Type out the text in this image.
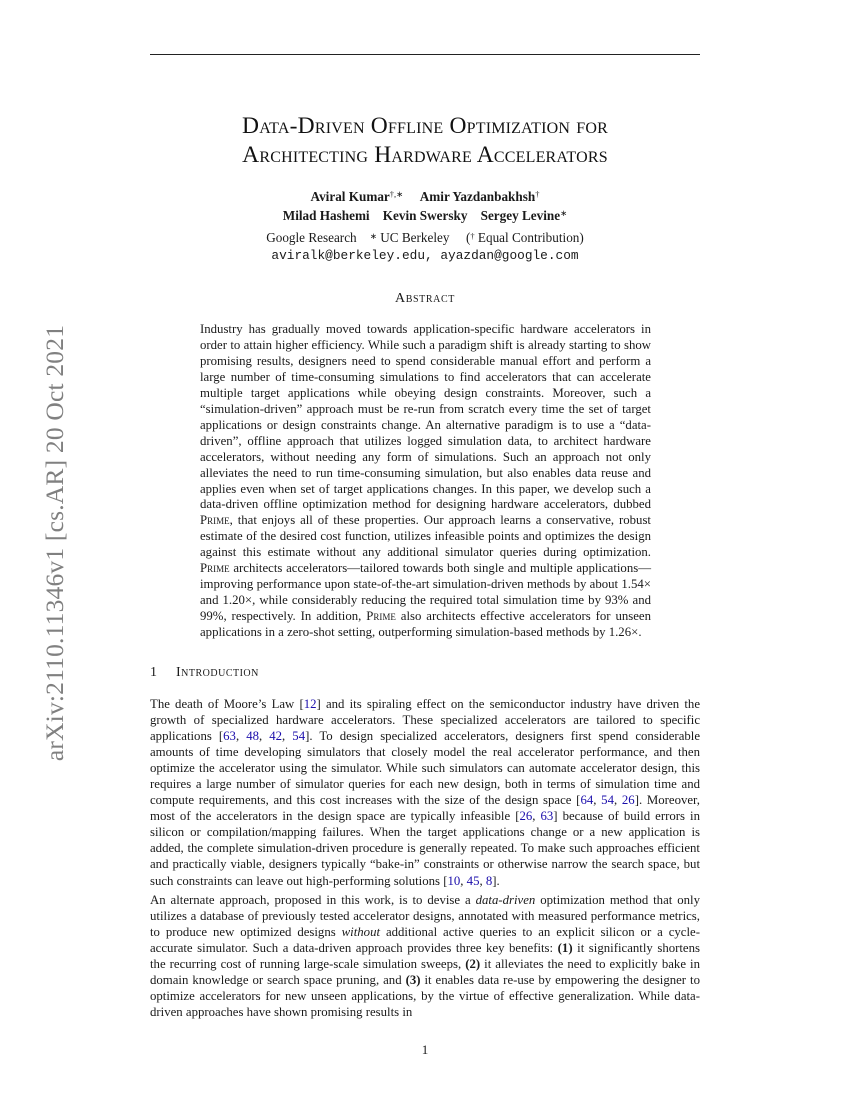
arXiv:2110.11346v1 [cs.AR] 20 Oct 2021
Data-Driven Offline Optimization for
Architecting Hardware Accelerators
Aviral Kumar†,∗ Amir Yazdanbakhsh†
Milad Hashemi Kevin Swersky Sergey Levine∗
Google Research ∗ UC Berkeley († Equal Contribution)
aviralk@berkeley.edu, ayazdan@google.com
Abstract
Industry has gradually moved towards application-specific hardware accelerators in order to attain higher efficiency. While such a paradigm shift is already starting to show promising results, designers need to spend considerable manual effort and perform a large number of time-consuming simulations to find accelerators that can accelerate multiple target applications while obeying design constraints. Moreover, such a “simulation-driven” approach must be re-run from scratch every time the set of target applications or design constraints change. An alternative paradigm is to use a “data-driven”, offline approach that utilizes logged simulation data, to architect hardware accelerators, without needing any form of simulations. Such an approach not only alleviates the need to run time-consuming simulation, but also enables data reuse and applies even when set of target applications changes. In this paper, we develop such a data-driven offline optimization method for designing hardware accelerators, dubbed Prime, that enjoys all of these properties. Our approach learns a conservative, robust estimate of the desired cost function, utilizes infeasible points and optimizes the design against this estimate without any additional simulator queries during optimization. Prime architects accelerators—tailored towards both single and multiple applications—improving performance upon state-of-the-art simulation-driven methods by about 1.54× and 1.20×, while considerably reducing the required total simulation time by 93% and 99%, respectively. In addition, Prime also architects effective accelerators for unseen applications in a zero-shot setting, outperforming simulation-based methods by 1.26×.
1 Introduction
The death of Moore’s Law [12] and its spiraling effect on the semiconductor industry have driven the growth of specialized hardware accelerators. These specialized accelerators are tailored to specific applications [63, 48, 42, 54]. To design specialized accelerators, designers first spend considerable amounts of time developing simulators that closely model the real accelerator performance, and then optimize the accelerator using the simulator. While such simulators can automate accelerator design, this requires a large number of simulator queries for each new design, both in terms of simulation time and compute requirements, and this cost increases with the size of the design space [64, 54, 26]. Moreover, most of the accelerators in the design space are typically infeasible [26, 63] because of build errors in silicon or compilation/mapping failures. When the target applications change or a new application is added, the complete simulation-driven procedure is generally repeated. To make such approaches efficient and practically viable, designers typically “bake-in” constraints or otherwise narrow the search space, but such constraints can leave out high-performing solutions [10, 45, 8].
An alternate approach, proposed in this work, is to devise a data-driven optimization method that only utilizes a database of previously tested accelerator designs, annotated with measured performance metrics, to produce new optimized designs without additional active queries to an explicit silicon or a cycle-accurate simulator. Such a data-driven approach provides three key benefits: (1) it significantly shortens the recurring cost of running large-scale simulation sweeps, (2) it alleviates the need to explicitly bake in domain knowledge or search space pruning, and (3) it enables data re-use by empowering the designer to optimize accelerators for new unseen applications, by the virtue of effective generalization. While data-driven approaches have shown promising results in
1
